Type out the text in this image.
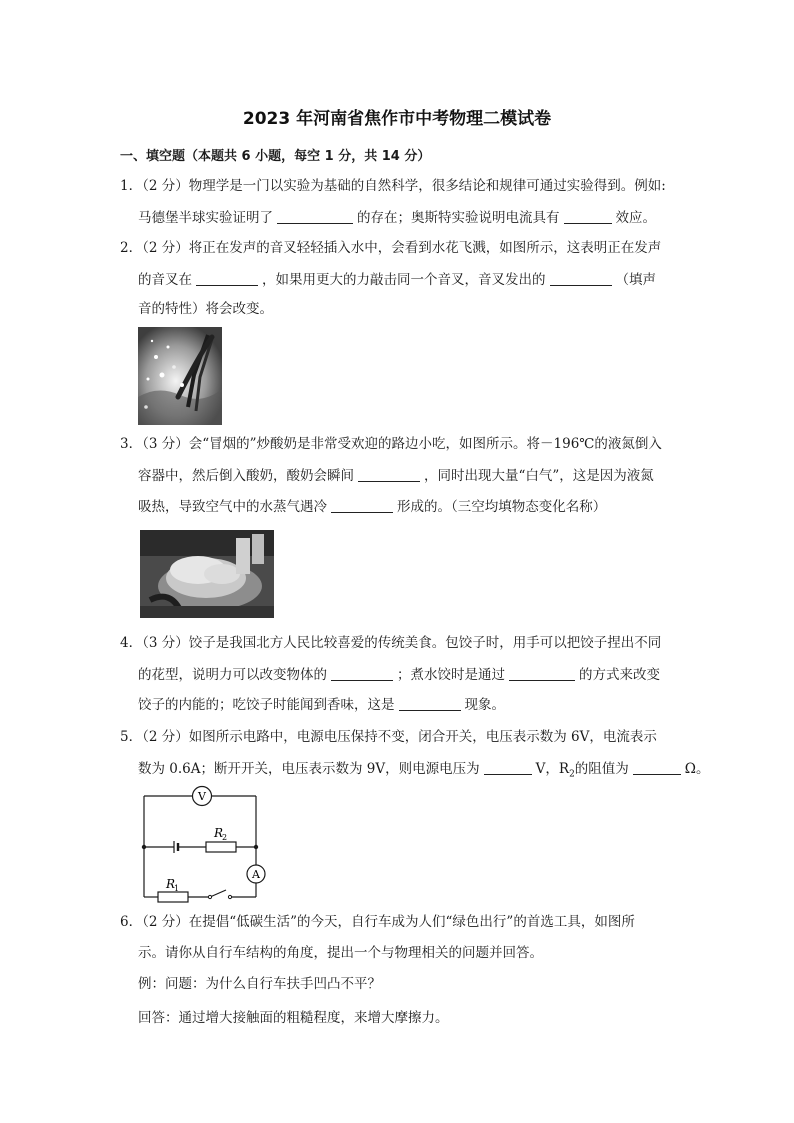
2023 年河南省焦作市中考物理二模试卷
一、填空题（本题共 6 小题，每空 1 分，共 14 分）
1．（2 分）物理学是一门以实验为基础的自然科学，很多结论和规律可通过实验得到。例如:
马德堡半球实验证明了	的存在；奥斯特实验说明电流具有	效应。
2．（2 分）将正在发声的音叉轻轻插入水中，会看到水花飞溅，如图所示，这表明正在发声
的音叉在	，如果用更大的力敲击同一个音叉，音叉发出的	（填声
音的特性）将会改变。
3．（3 分）会“冒烟的”炒酸奶是非常受欢迎的路边小吃，如图所示。将－196℃的液氮倒入
容器中，然后倒入酸奶，酸奶会瞬间	，同时出现大量“白气”，这是因为液氮
吸热，导致空气中的水蒸气遇冷	形成的。（三空均填物态变化名称）
4．（3 分）饺子是我国北方人民比较喜爱的传统美食。包饺子时，用手可以把饺子捏出不同
的花型，说明力可以改变物体的	；煮水饺时是通过	的方式来改变
饺子的内能的；吃饺子时能闻到香味，这是	现象。
5．（2 分）如图所示电路中，电源电压保持不变，闭合开关，电压表示数为 6V，电流表示
数为 0.6A；断开开关，电压表示数为 9V，则电源电压为	V，$R_2$的阻值为	Ω。
V
A
R
2
R
1
6．（2 分）在提倡“低碳生活”的今天，自行车成为人们“绿色出行”的首选工具，如图所
示。请你从自行车结构的角度，提出一个与物理相关的问题并回答。
例：问题：为什么自行车扶手凹凸不平？
回答：通过增大接触面的粗糙程度，来增大摩擦力。
